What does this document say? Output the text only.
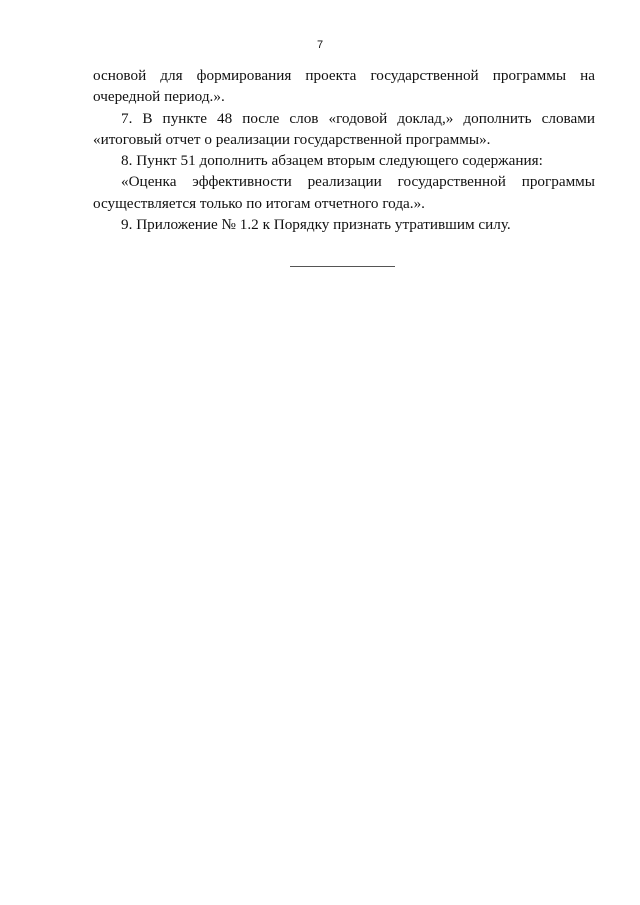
7

основой для формирования проекта государственной программы на очередной период.».

7. В пункте 48 после слов «годовой доклад,» дополнить словами «итоговый отчет о реализации государственной программы».

8. Пункт 51 дополнить абзацем вторым следующего содержания:

«Оценка эффективности реализации государственной программы осуществляется только по итогам отчетного года.».

9. Приложение № 1.2 к Порядку признать утратившим силу.
